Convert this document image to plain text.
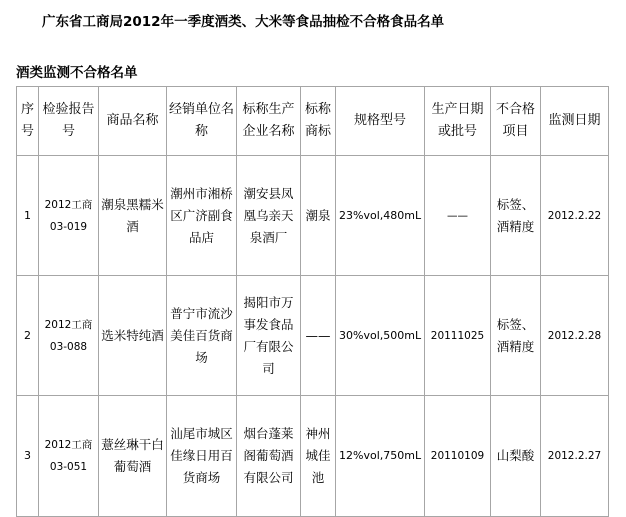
广东省工商局2012年一季度酒类、大米等食品抽检不合格食品名单
酒类监测不合格名单
序号	检验报告号	商品名称	经销单位名称	标称生产企业名称	标称商标	规格型号	生产日期或批号	不合格项目	监测日期
1	2012工商03-019	潮泉黑糯米酒	潮州市湘桥区广济副食品店	潮安县凤凰乌亲天泉酒厂	潮泉	23%vol,480mL	——	标签、酒精度	2012.2.22
2	2012工商03-088	选米特纯酒	普宁市流沙美佳百货商场	揭阳市万事发食品厂有限公司	——	30%vol,500mL	20111025	标签、酒精度	2012.2.28
3	2012工商03-051	薏丝琳干白葡萄酒	汕尾市城区佳缘日用百货商场	烟台蓬莱阁葡萄酒有限公司	神州城佳池	12%vol,750mL	20110109	山梨酸	2012.2.27
